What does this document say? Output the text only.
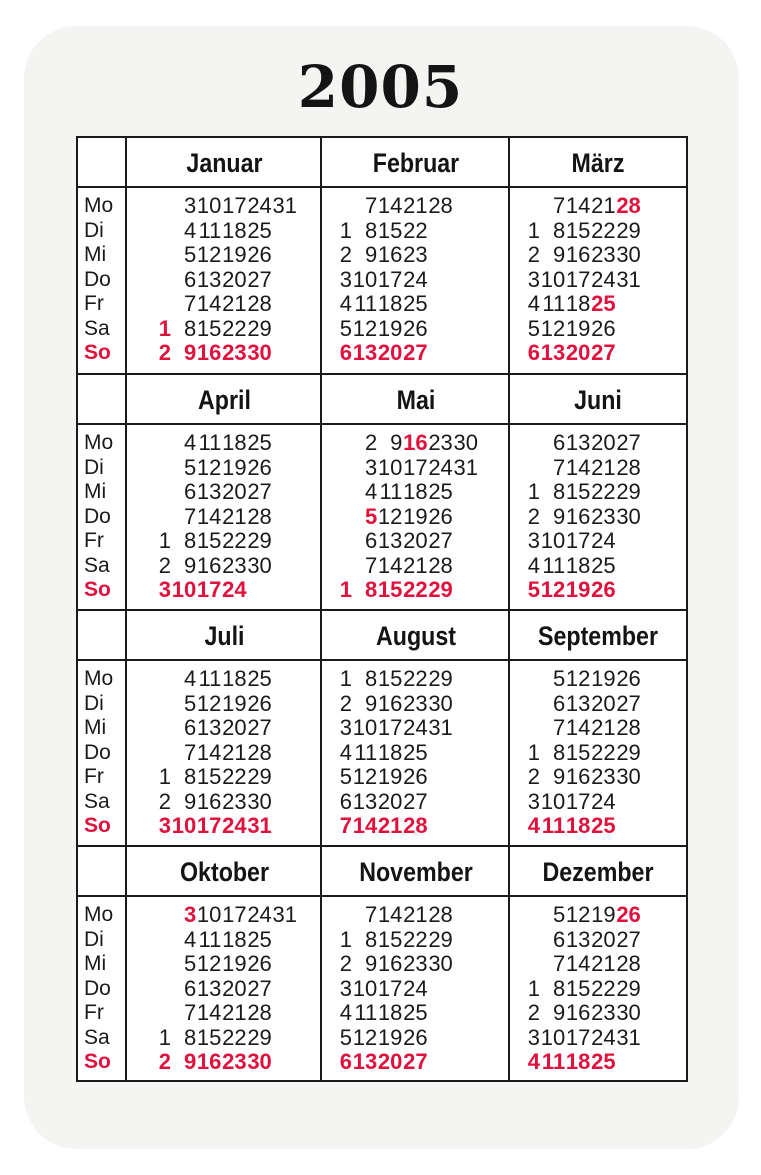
2005
Mo
Di
Mi
Do
Fr
Sa
So
Januar
1
2
3
4
5
6
7
8
9
10
11
12
13
14
15
16
17
18
19
20
21
22
23
24
25
26
27
28
29
30
31
Februar
1
2
3
4
5
6
7
8
9
10
11
12
13
14
15
16
17
18
19
20
21
22
23
24
25
26
27
28
März
1
2
3
4
5
6
7
8
9
10
11
12
13
14
15
16
17
18
19
20
21
22
23
24
25
26
27
28
29
30
31
Mo
Di
Mi
Do
Fr
Sa
So
April
1
2
3
4
5
6
7
8
9
10
11
12
13
14
15
16
17
18
19
20
21
22
23
24
25
26
27
28
29
30
Mai
1
2
3
4
5
6
7
8
9
10
11
12
13
14
15
16
17
18
19
20
21
22
23
24
25
26
27
28
29
30
31
Juni
1
2
3
4
5
6
7
8
9
10
11
12
13
14
15
16
17
18
19
20
21
22
23
24
25
26
27
28
29
30
Mo
Di
Mi
Do
Fr
Sa
So
Juli
1
2
3
4
5
6
7
8
9
10
11
12
13
14
15
16
17
18
19
20
21
22
23
24
25
26
27
28
29
30
31
August
1
2
3
4
5
6
7
8
9
10
11
12
13
14
15
16
17
18
19
20
21
22
23
24
25
26
27
28
29
30
31
September
1
2
3
4
5
6
7
8
9
10
11
12
13
14
15
16
17
18
19
20
21
22
23
24
25
26
27
28
29
30
Mo
Di
Mi
Do
Fr
Sa
So
Oktober
1
2
3
4
5
6
7
8
9
10
11
12
13
14
15
16
17
18
19
20
21
22
23
24
25
26
27
28
29
30
31
November
1
2
3
4
5
6
7
8
9
10
11
12
13
14
15
16
17
18
19
20
21
22
23
24
25
26
27
28
29
30
Dezember
1
2
3
4
5
6
7
8
9
10
11
12
13
14
15
16
17
18
19
20
21
22
23
24
25
26
27
28
29
30
31
